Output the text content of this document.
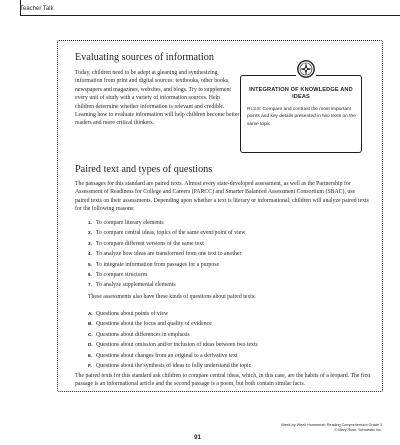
Teacher Talk
Evaluating sources of information

Today, children need to be adept at gleaning and synthesizing information from print and digital sources: textbooks, other books, newspapers and magazines, websites, and blogs. Try to supplement every unit of study with a variety of information sources. Help children determine whether information is relevant and credible. Learning how to evaluate information will help children become better readers and more critical thinkers.

INTEGRATION OF KNOWLEDGE AND IDEAS
RI.3.9: Compare and contrast the most important points and key details presented in two texts on the same topic.
Paired text and types of questions

The passages for this standard are paired texts. Almost every state-developed assessment, as well as the Partnership for Assessment of Readiness for College and Careers (PARCC) and Smarter Balanced Assessment Consortium (SBAC), use paired texts on their assessments. Depending upon whether a text is literary or informational, children will analyze paired texts for the following reasons:

1. To compare literary elements
2. To compare central ideas, topics of the same event/point of view
3. To compare different versions of the same text
4. To analyze how ideas are transformed from one text to another
5. To integrate information from passages for a purpose
6. To compare structures
7. To analyze supplemental elements

These assessments also have these kinds of questions about paired texts:

A. Questions about points of view
B. Questions about the focus and quality of evidence
C. Questions about differences in emphasis
D. Questions about omission and/or inclusion of ideas between two texts
E. Questions about changes from an original to a derivative text
F. Questions about the synthesis of ideas to fully understand the topic

The paired texts for this standard ask children to compare central ideas, which, in this case, are the habits of a leopard. The first passage is an informational article and the second passage is a poem, but both contain similar facts.

91
Week-by-Week Homework: Reading Comprehension Grade 3
© Mary Rose, Scholastic Inc.
